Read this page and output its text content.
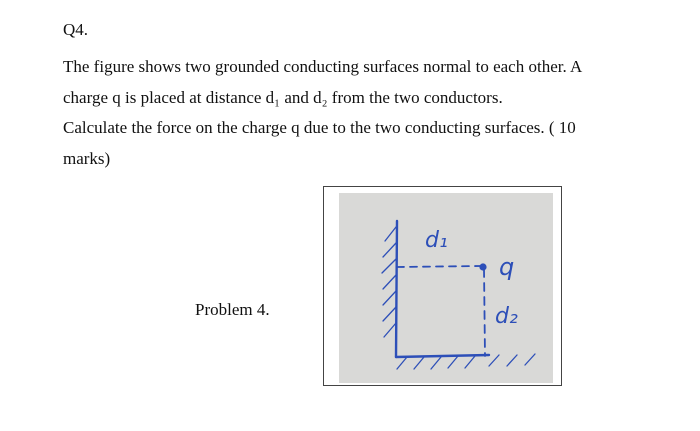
Q4.

The figure shows two grounded conducting surfaces normal to each other. A
charge q is placed at distance d₁ and d₂ from the two conductors.
Calculate the force on the charge q due to the two conducting surfaces. ( 10
marks)

Problem 4.
d₁
q
d₂
